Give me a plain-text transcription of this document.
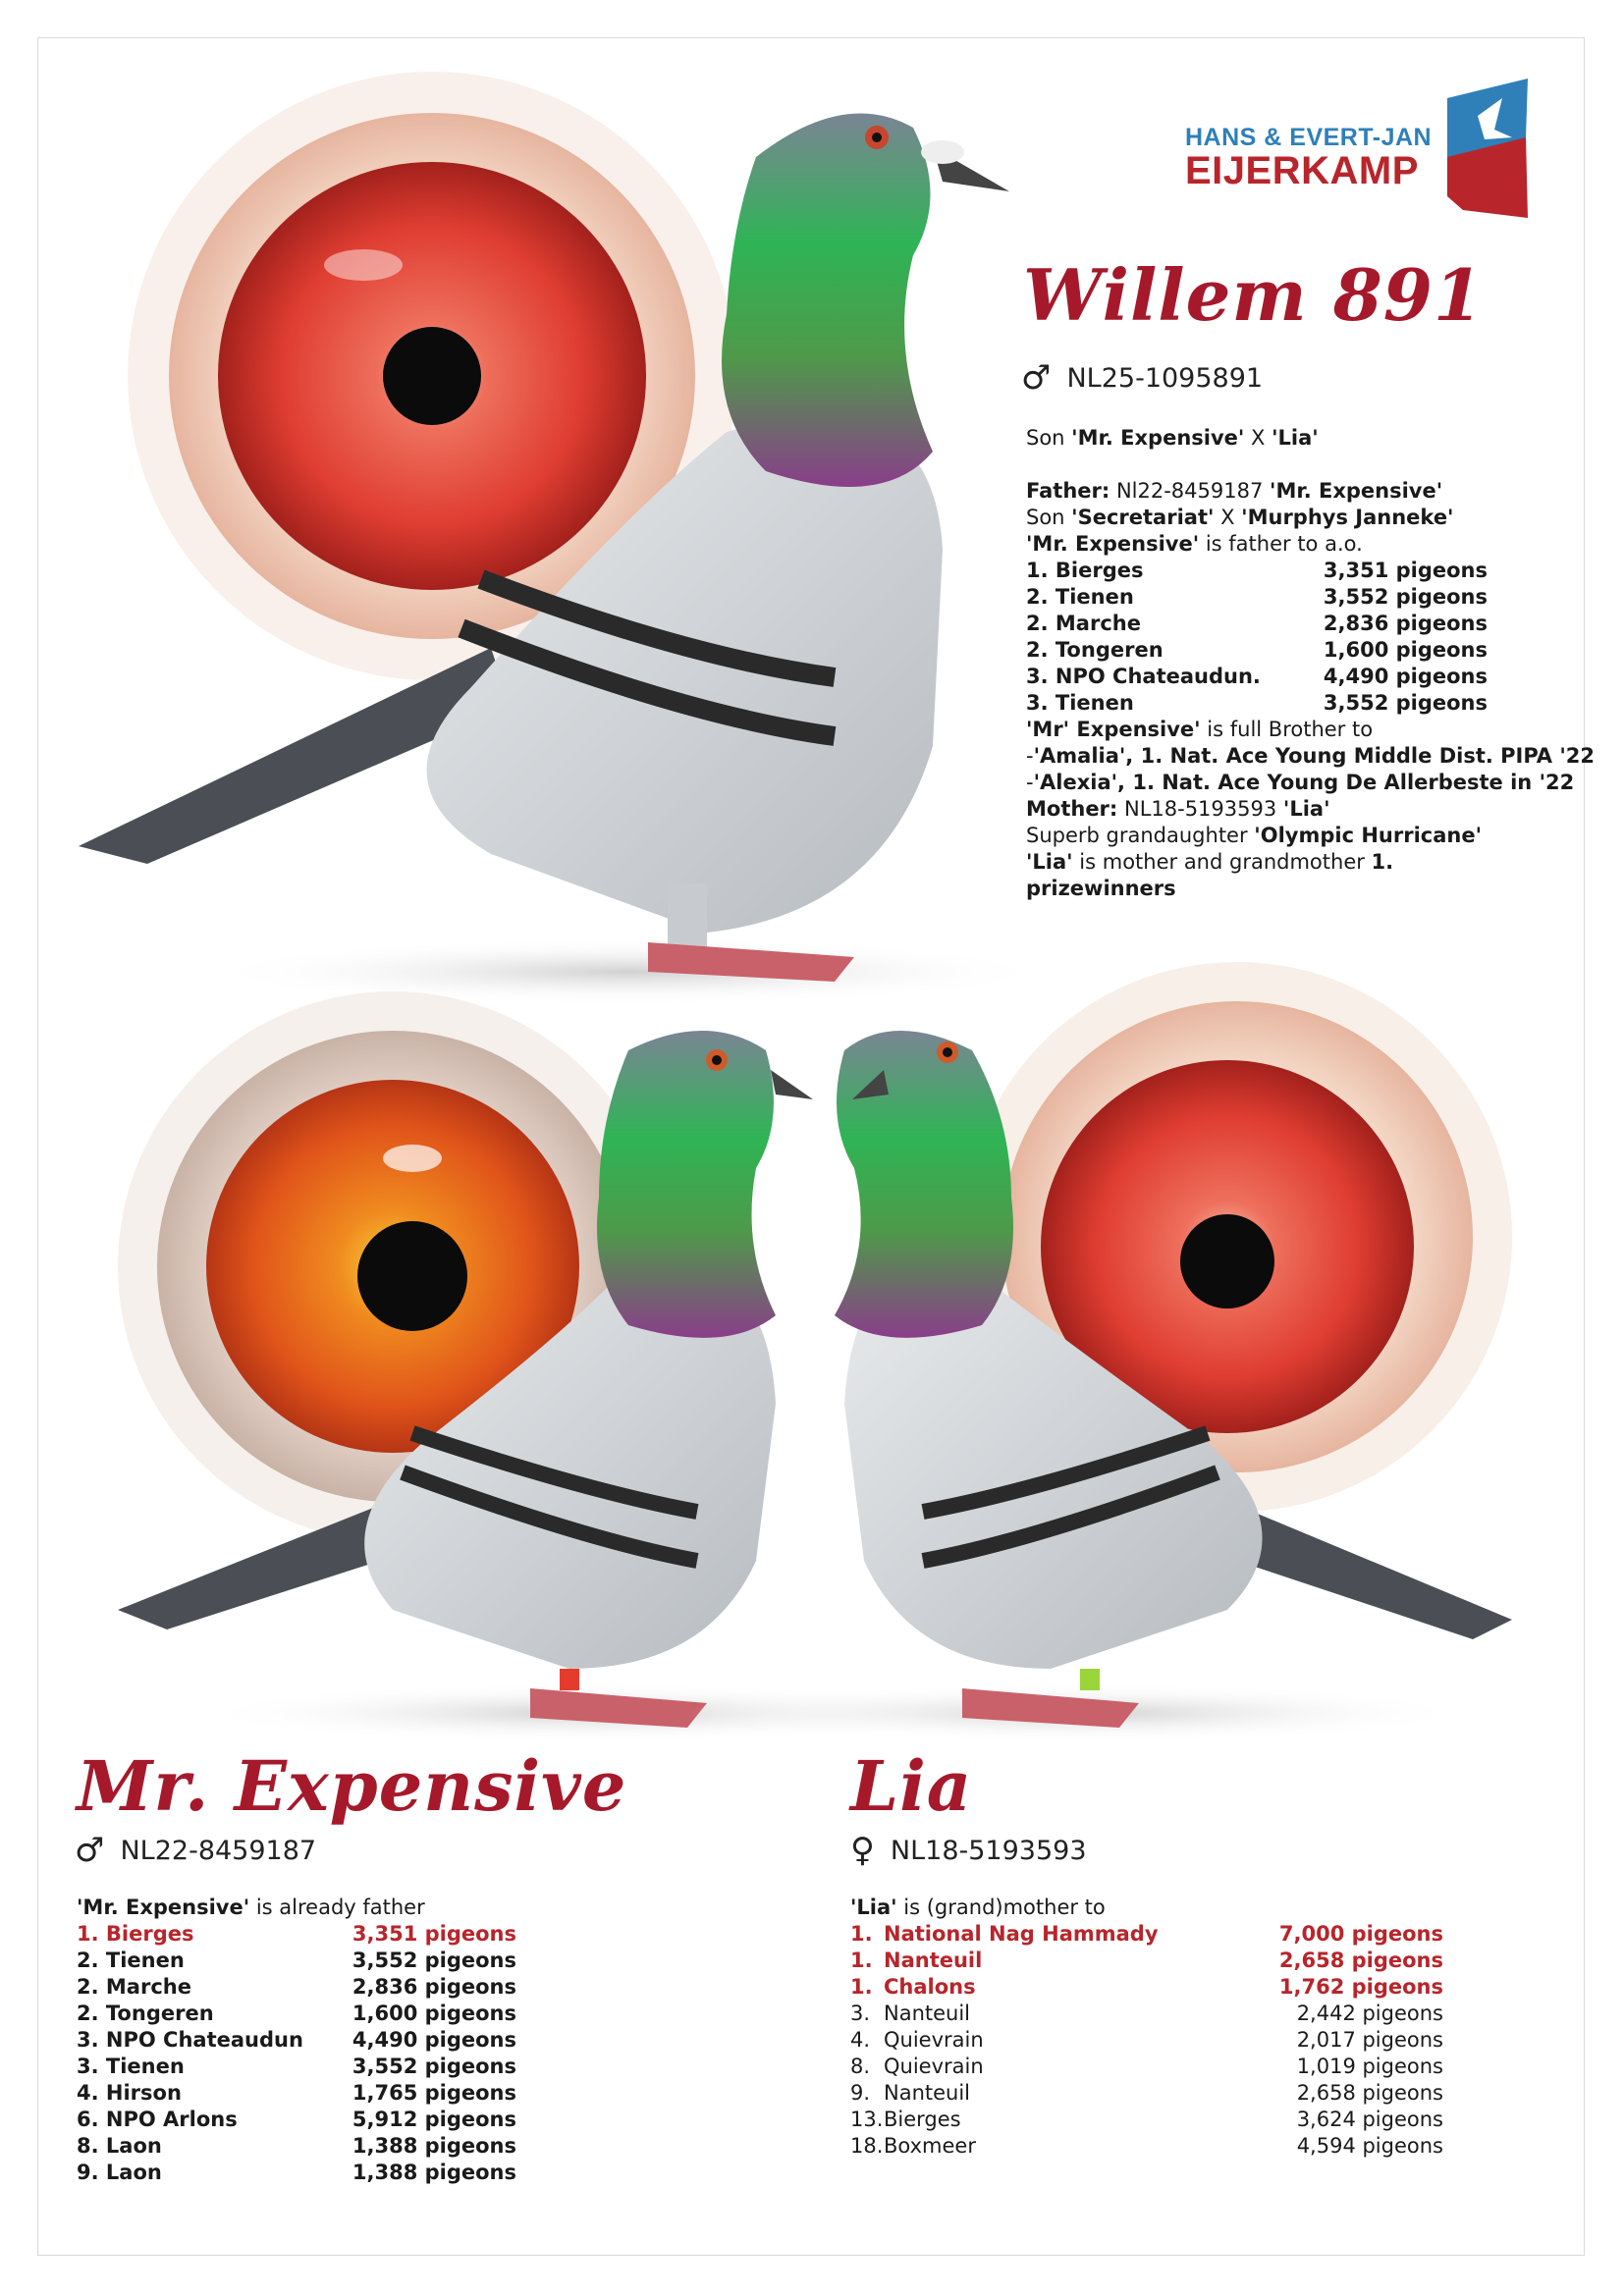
HANS & EVERT-JAN
EIJERKAMP
Willem 891
♂ NL25-1095891
Son 'Mr. Expensive' X 'Lia'
Father: Nl22-8459187 'Mr. Expensive'
Son 'Secretariat' X 'Murphys Janneke'
'Mr. Expensive' is father to a.o.
1. Bierges	3,351 pigeons
2. Tienen	3,552 pigeons
2. Marche	2,836 pigeons
2. Tongeren	1,600 pigeons
3. NPO Chateaudun.	4,490 pigeons
3. Tienen	3,552 pigeons
'Mr' Expensive' is full Brother to
-'Amalia', 1. Nat. Ace Young Middle Dist. PIPA '22
-'Alexia', 1. Nat. Ace Young De Allerbeste in '22
Mother: NL18-5193593 'Lia'
Superb grandaughter 'Olympic Hurricane'
'Lia' is mother and grandmother 1. prizewinners
Mr. Expensive
♂ NL22-8459187
'Mr. Expensive' is already father
1. Bierges	3,351 pigeons
2. Tienen	3,552 pigeons
2. Marche	2,836 pigeons
2. Tongeren	1,600 pigeons
3. NPO Chateaudun 4,490 pigeons
3. Tienen	3,552 pigeons
4. Hirson	1,765 pigeons
6. NPO Arlons	5,912 pigeons
8. Laon	1,388 pigeons
9. Laon	1,388 pigeons
Lia
♀ NL18-5193593
'Lia' is (grand)mother to
1. National Nag Hammady	7,000 pigeons
1. Nanteuil	2,658 pigeons
1. Chalons	1,762 pigeons
3. Nanteuil	2,442 pigeons
4. Quievrain	2,017 pigeons
8. Quievrain	1,019 pigeons
9. Nanteuil	2,658 pigeons
13. Bierges	3,624 pigeons
18. Boxmeer	4,594 pigeons
